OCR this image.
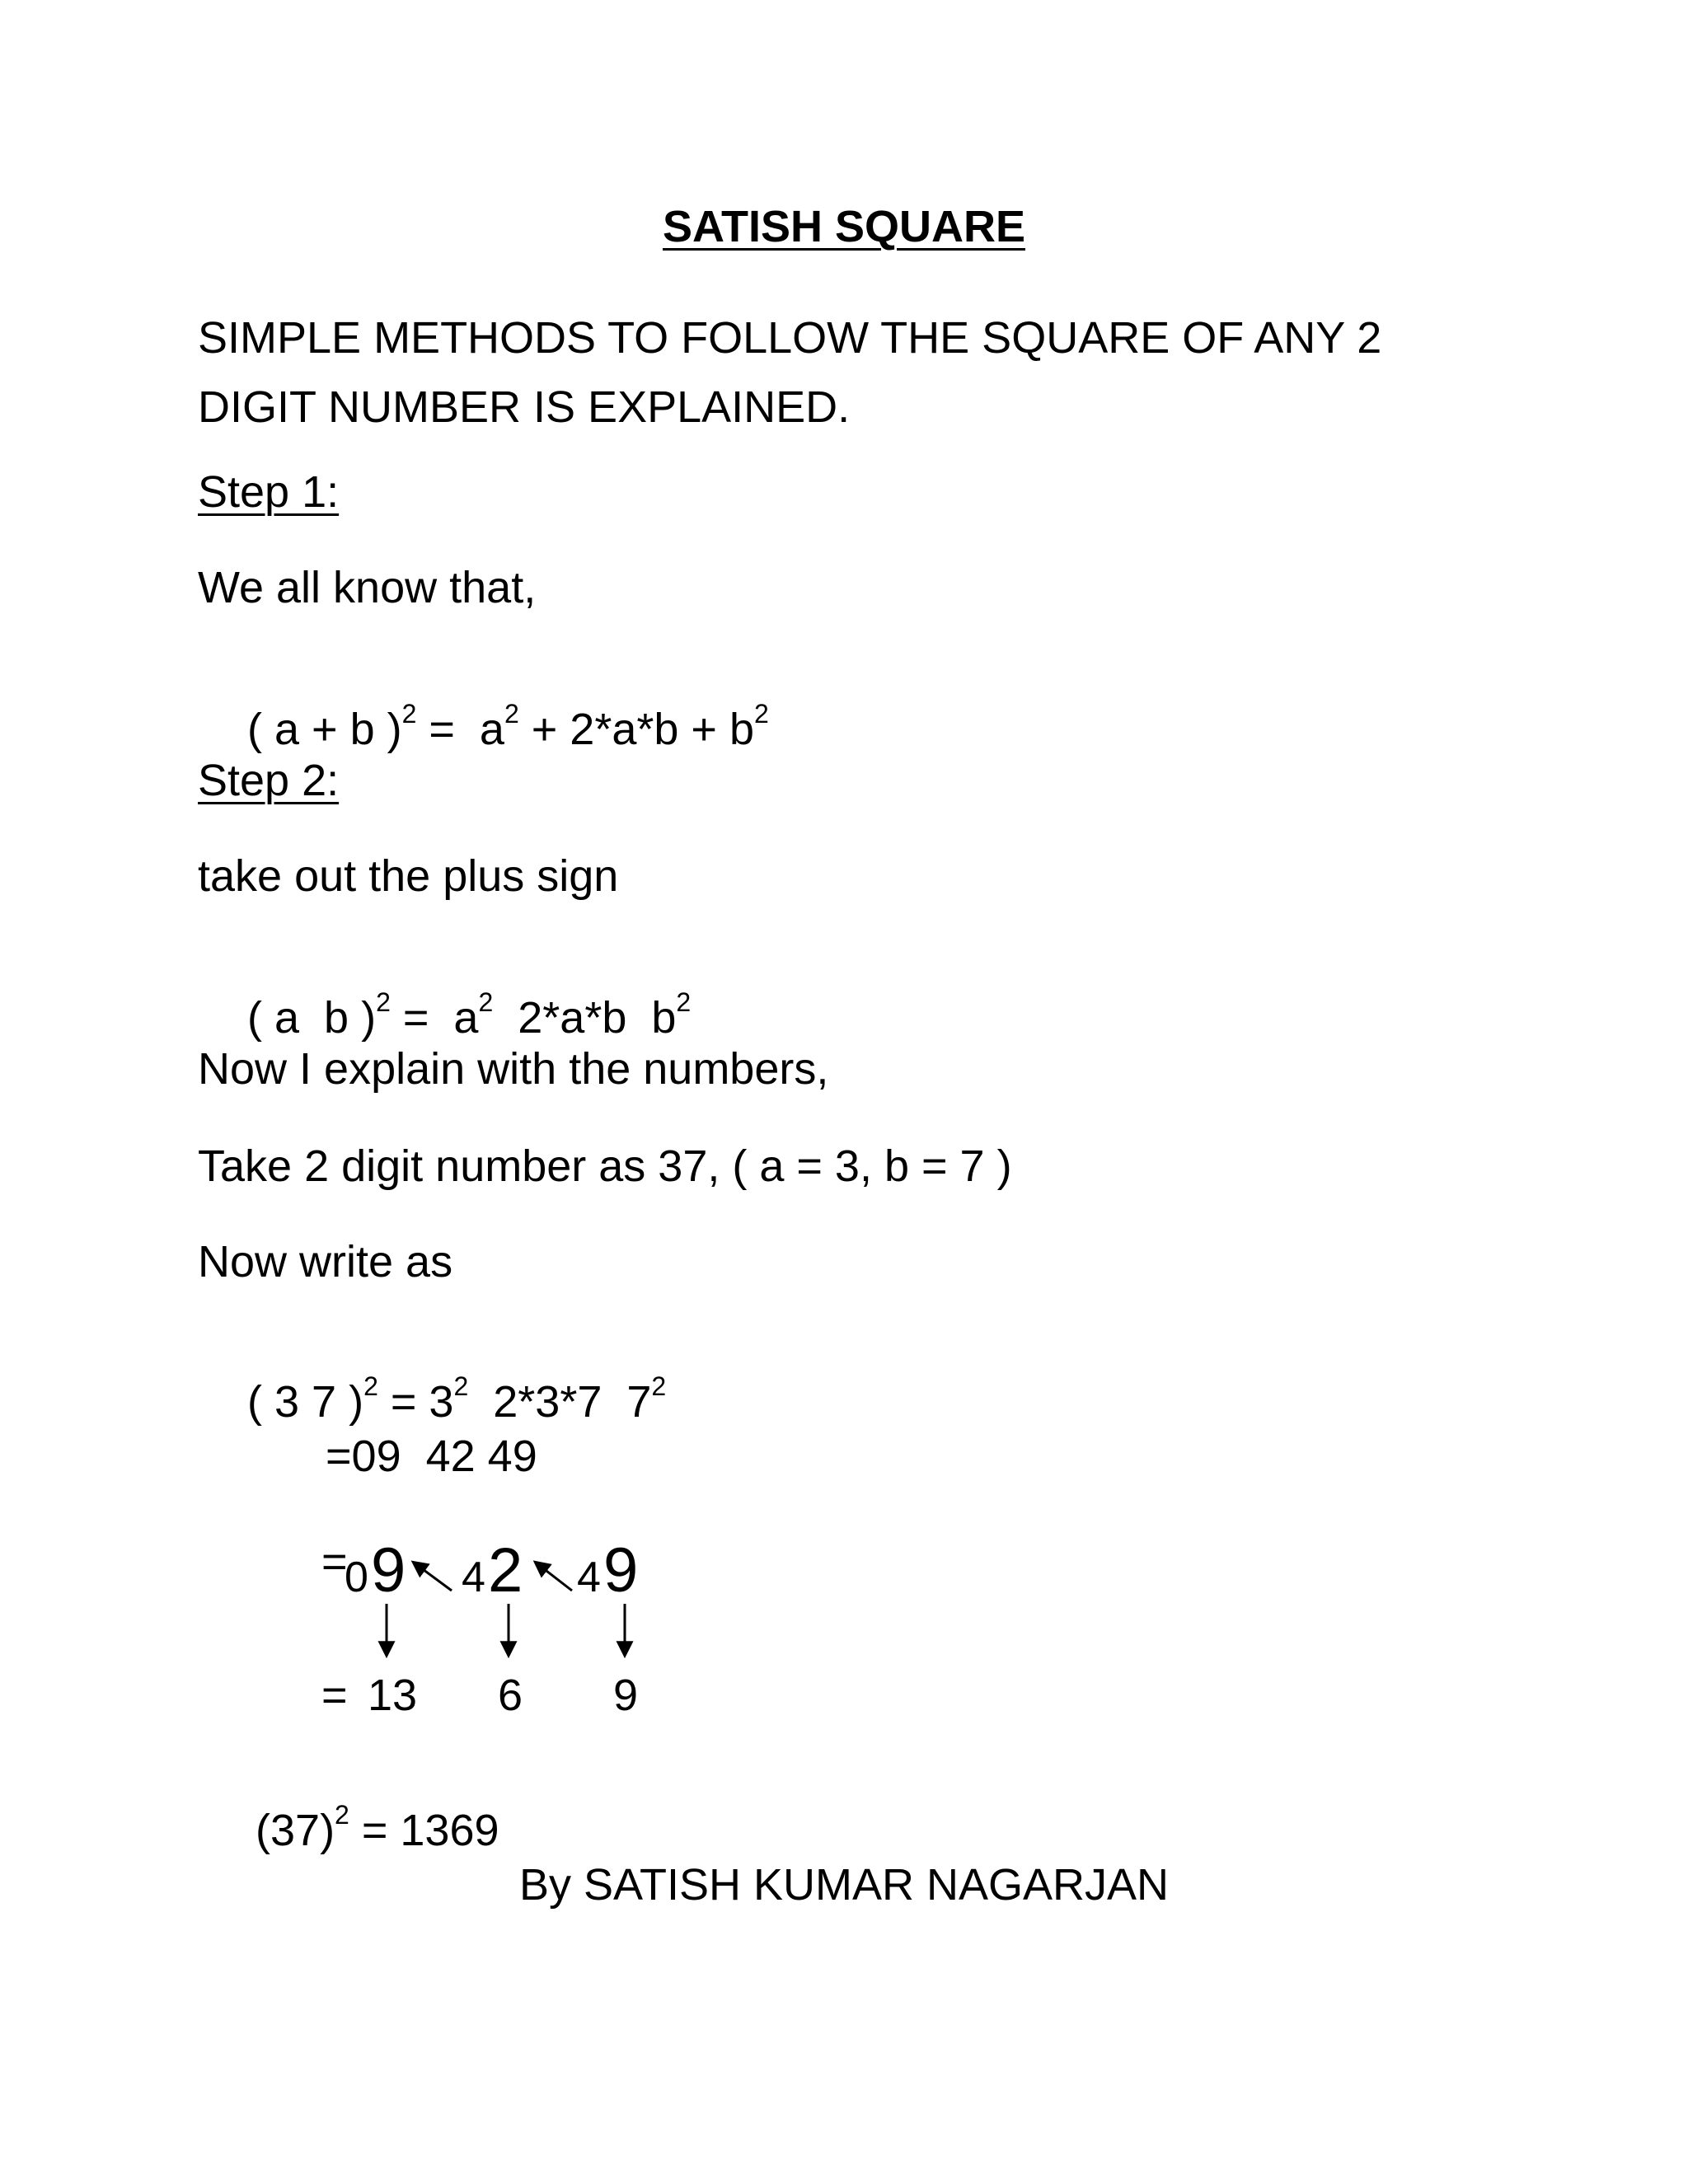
SATISH SQUARE
SIMPLE METHODS TO FOLLOW THE SQUARE OF ANY 2 DIGIT NUMBER IS EXPLAINED.
Step 1:
We all know that,

( a + b )$^2 = a^2 + 2*a*b + b^2$

Step 2:
take out the plus sign

( a  b )$^2 = a^2$  2*a*b  $b^2$

Now I explain with the numbers,
Take 2 digit number as 37, ( a = 3, b = 7 )
Now write as

( 3 7 )$^2 = 3^2$  2*3*7  $7^2$

=09  42 49
=
0 9 4 2 4 9
= 13 6 9

$(37)^2 = 1369$

By SATISH KUMAR NAGARJAN
